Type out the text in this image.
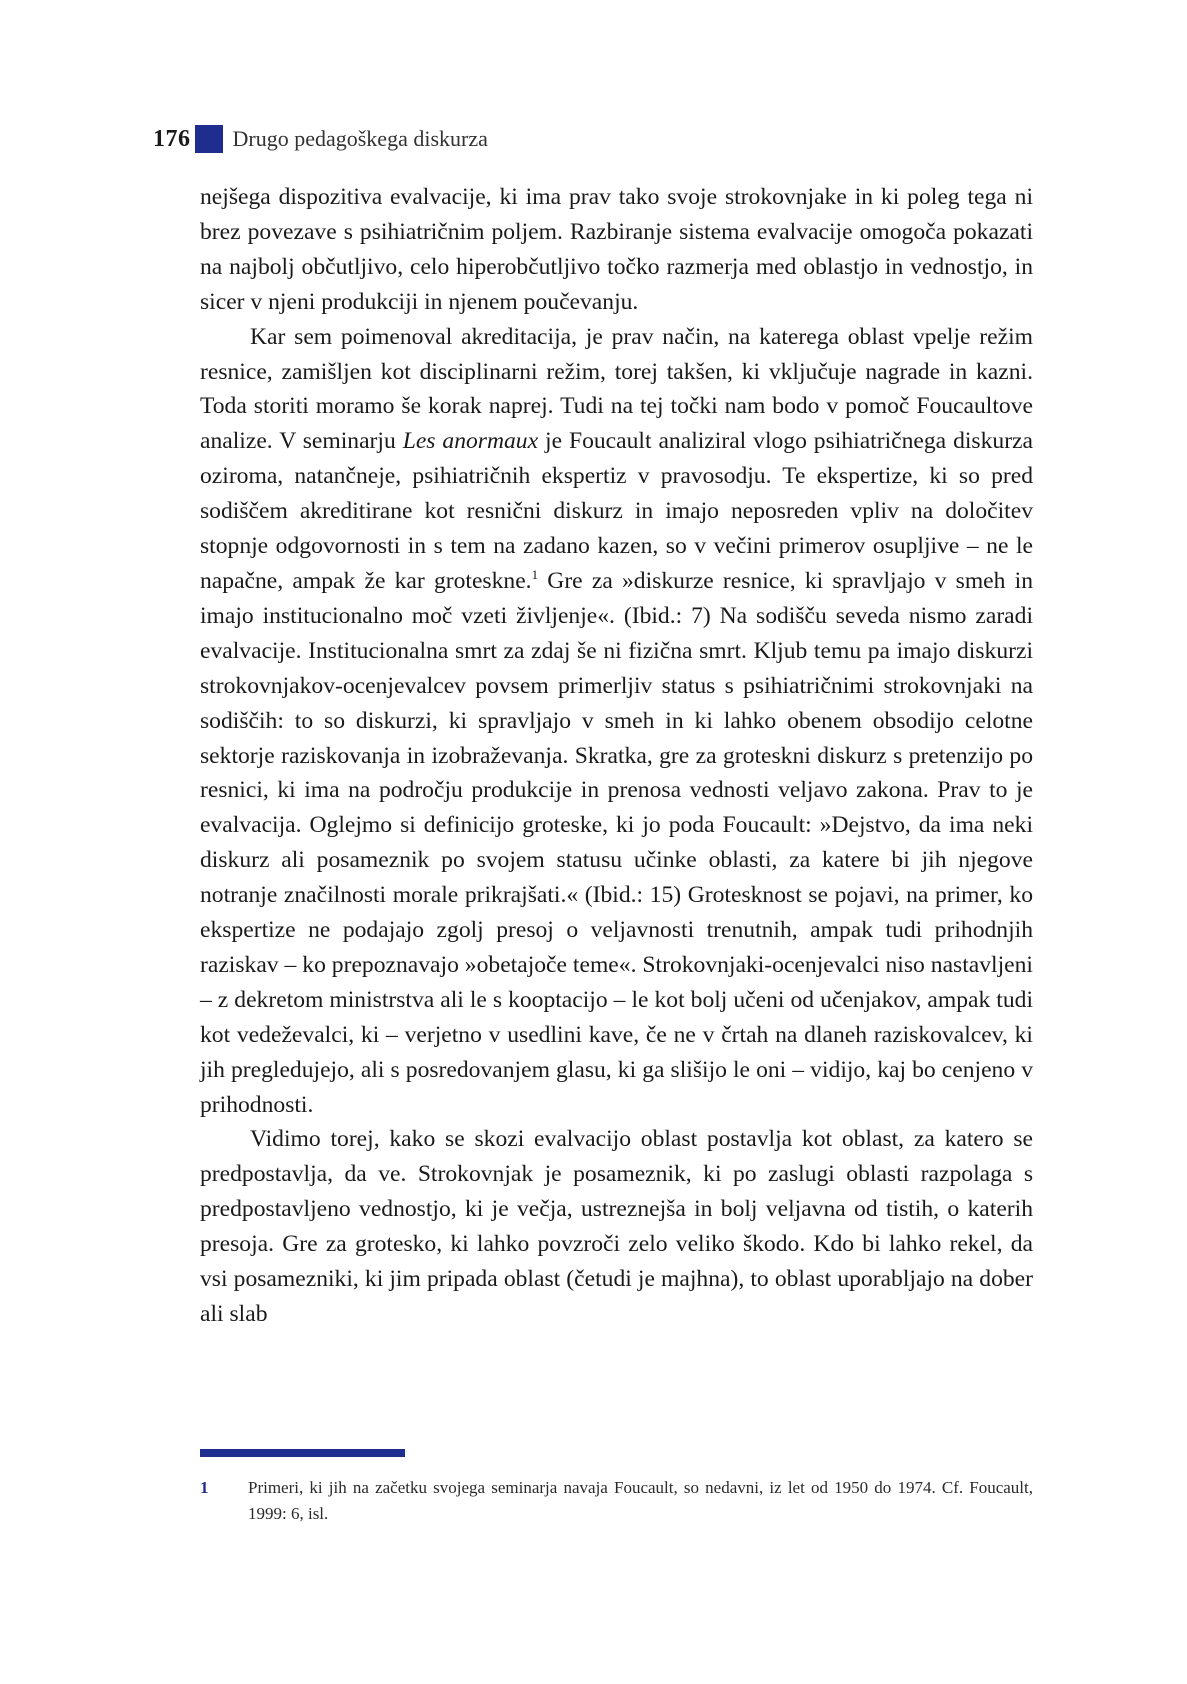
176 Drugo pedagoškega diskurza

nejšega dispozitiva evalvacije, ki ima prav tako svoje strokovnjake in ki poleg tega ni brez povezave s psihiatričnim poljem. Razbiranje sistema evalvacije omogoča pokazati na najbolj občutljivo, celo hiperobčutljivo točko razmerja med oblastjo in vednostjo, in sicer v njeni produkciji in njenem poučevanju.

Kar sem poimenoval akreditacija, je prav način, na katerega oblast vpelje režim resnice, zamišljen kot disciplinarni režim, torej takšen, ki vključuje nagrade in kazni. Toda storiti moramo še korak naprej. Tudi na tej točki nam bodo v pomoč Foucaultove analize. V seminarju Les anormaux je Foucault analiziral vlogo psihiatričnega diskurza oziroma, natančneje, psihiatričnih ekspertiz v pravosodju. Te ekspertize, ki so pred sodiščem akreditirane kot resnični diskurz in imajo neposreden vpliv na določitev stopnje odgovornosti in s tem na zadano kazen, so v večini primerov osupljive – ne le napačne, ampak že kar groteskne.$^1$ Gre za »diskurze resnice, ki spravljajo v smeh in imajo institucionalno moč vzeti življenje«. (Ibid.: 7) Na sodišču seveda nismo zaradi evalvacije. Institucionalna smrt za zdaj še ni fizična smrt. Kljub temu pa imajo diskurzi strokovnjakov-ocenjevalcev povsem primerljiv status s psihiatričnimi strokovnjaki na sodiščih: to so diskurzi, ki spravljajo v smeh in ki lahko obenem obsodijo celotne sektorje raziskovanja in izobraževanja. Skratka, gre za groteskni diskurz s pretenzijo po resnici, ki ima na področju produkcije in prenosa vednosti veljavo zakona. Prav to je evalvacija. Oglejmo si definicijo groteske, ki jo poda Foucault: »Dejstvo, da ima neki diskurz ali posameznik po svojem statusu učinke oblasti, za katere bi jih njegove notranje značilnosti morale prikrajšati.« (Ibid.: 15) Grotesknost se pojavi, na primer, ko ekspertize ne podajajo zgolj presoj o veljavnosti trenutnih, ampak tudi prihodnjih raziskav – ko prepoznavajo »obetajoče teme«. Strokovnjaki-ocenjevalci niso nastavljeni – z dekretom ministrstva ali le s kooptacijo – le kot bolj učeni od učenjakov, ampak tudi kot vedeževalci, ki – verjetno v usedlini kave, če ne v črtah na dlaneh raziskovalcev, ki jih pregledujejo, ali s posredovanjem glasu, ki ga slišijo le oni – vidijo, kaj bo cenjeno v prihodnosti.

Vidimo torej, kako se skozi evalvacijo oblast postavlja kot oblast, za katero se predpostavlja, da ve. Strokovnjak je posameznik, ki po zaslugi oblasti razpolaga s predpostavljeno vednostjo, ki je večja, ustreznejša in bolj veljavna od tistih, o katerih presoja. Gre za grotesko, ki lahko povzroči zelo veliko škodo. Kdo bi lahko rekel, da vsi posamezniki, ki jim pripada oblast (četudi je majhna), to oblast uporabljajo na dober ali slab

1 Primeri, ki jih na začetku svojega seminarja navaja Foucault, so nedavni, iz let od 1950 do 1974. Cf. Foucault, 1999: 6, isl.
